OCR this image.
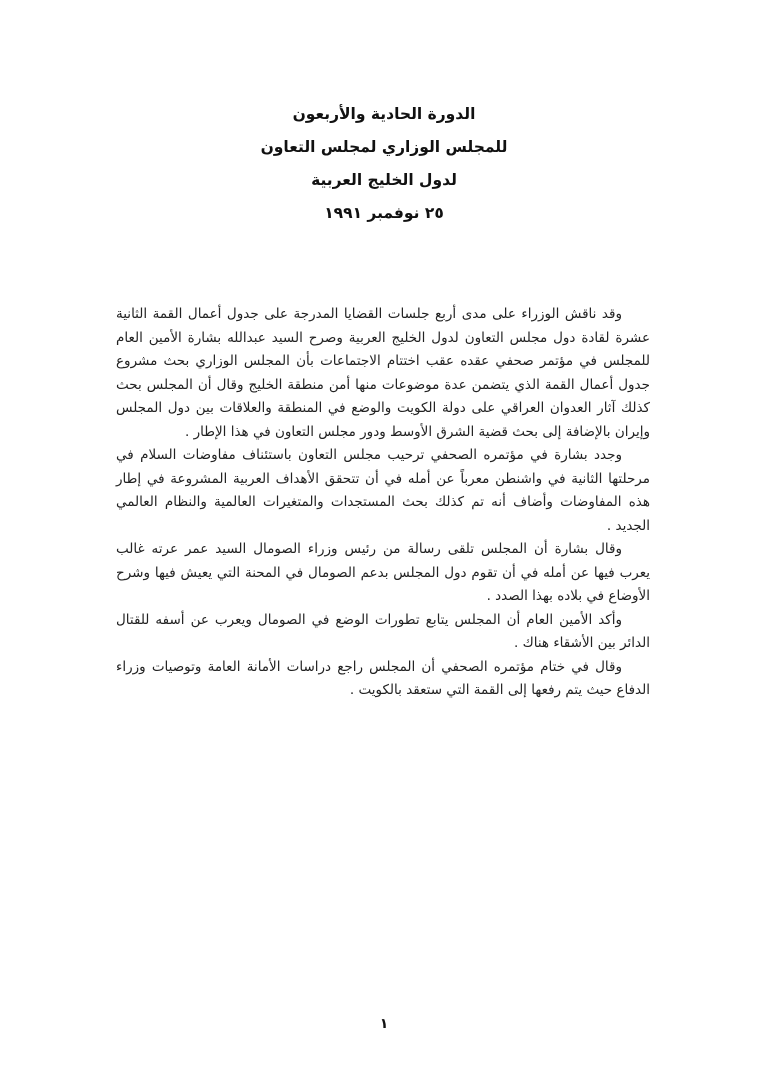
الدورة الحادية والأربعون
للمجلس الوزاري لمجلس التعاون
لدول الخليج العربية
٢٥ نوفمبر ١٩٩١

وقد ناقش الوزراء على مدى أربع جلسات القضايا المدرجة على جدول أعمال القمة الثانية عشرة لقادة دول مجلس التعاون لدول الخليج العربية وصرح السيد عبدالله بشارة الأمين العام للمجلس في مؤتمر صحفي عقده عقب اختتام الاجتماعات بأن المجلس الوزاري بحث مشروع جدول أعمال القمة الذي يتضمن عدة موضوعات منها أمن منطقة الخليج وقال أن المجلس بحث كذلك آثار العدوان العراقي على دولة الكويت والوضع في المنطقة والعلاقات بين دول المجلس وإيران بالإضافة إلى بحث قضية الشرق الأوسط ودور مجلس التعاون في هذا الإطار .

وجدد بشارة في مؤتمره الصحفي ترحيب مجلس التعاون باستئناف مفاوضات السلام في مرحلتها الثانية في واشنطن معرباً عن أمله في أن تتحقق الأهداف العربية المشروعة في إطار هذه المفاوضات وأضاف أنه تم كذلك بحث المستجدات والمتغيرات العالمية والنظام العالمي الجديد .

وقال بشارة أن المجلس تلقى رسالة من رئيس وزراء الصومال السيد عمر عرته غالب يعرب فيها عن أمله في أن تقوم دول المجلس بدعم الصومال في المحنة التي يعيش فيها وشرح الأوضاع في بلاده بهذا الصدد .

وأكد الأمين العام أن المجلس يتابع تطورات الوضع في الصومال ويعرب عن أسفه للقتال الدائر بين الأشقاء هناك .

وقال في ختام مؤتمره الصحفي أن المجلس راجع دراسات الأمانة العامة وتوصيات وزراء الدفاع حيث يتم رفعها إلى القمة التي ستعقد بالكويت .

١
